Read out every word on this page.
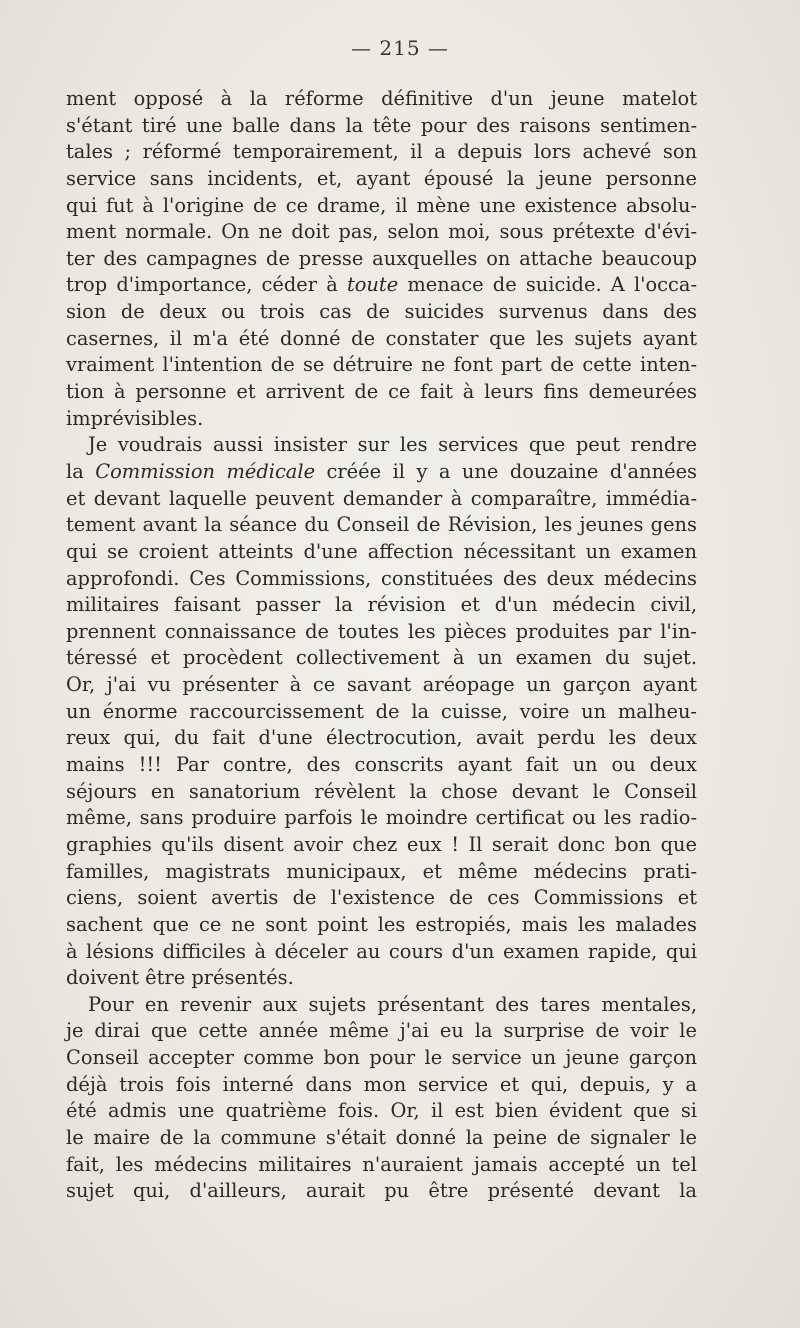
— 215 —
ment opposé à la réforme définitive d'un jeune matelot
s'étant tiré une balle dans la tête pour des raisons sentimen-
tales ; réformé temporairement, il a depuis lors achevé son
service sans incidents, et, ayant épousé la jeune personne
qui fut à l'origine de ce drame, il mène une existence absolu-
ment normale. On ne doit pas, selon moi, sous prétexte d'évi-
ter des campagnes de presse auxquelles on attache beaucoup
trop d'importance, céder à toute menace de suicide. A l'occa-
sion de deux ou trois cas de suicides survenus dans des
casernes, il m'a été donné de constater que les sujets ayant
vraiment l'intention de se détruire ne font part de cette inten-
tion à personne et arrivent de ce fait à leurs fins demeurées
imprévisibles.
Je voudrais aussi insister sur les services que peut rendre
la Commission médicale créée il y a une douzaine d'années
et devant laquelle peuvent demander à comparaître, immédia-
tement avant la séance du Conseil de Révision, les jeunes gens
qui se croient atteints d'une affection nécessitant un examen
approfondi. Ces Commissions, constituées des deux médecins
militaires faisant passer la révision et d'un médecin civil,
prennent connaissance de toutes les pièces produites par l'in-
téressé et procèdent collectivement à un examen du sujet.
Or, j'ai vu présenter à ce savant aréopage un garçon ayant
un énorme raccourcissement de la cuisse, voire un malheu-
reux qui, du fait d'une électrocution, avait perdu les deux
mains !!! Par contre, des conscrits ayant fait un ou deux
séjours en sanatorium révèlent la chose devant le Conseil
même, sans produire parfois le moindre certificat ou les radio-
graphies qu'ils disent avoir chez eux ! Il serait donc bon que
familles, magistrats municipaux, et même médecins prati-
ciens, soient avertis de l'existence de ces Commissions et
sachent que ce ne sont point les estropiés, mais les malades
à lésions difficiles à déceler au cours d'un examen rapide, qui
doivent être présentés.
Pour en revenir aux sujets présentant des tares mentales,
je dirai que cette année même j'ai eu la surprise de voir le
Conseil accepter comme bon pour le service un jeune garçon
déjà trois fois interné dans mon service et qui, depuis, y a
été admis une quatrième fois. Or, il est bien évident que si
le maire de la commune s'était donné la peine de signaler le
fait, les médecins militaires n'auraient jamais accepté un tel
sujet qui, d'ailleurs, aurait pu être présenté devant la
